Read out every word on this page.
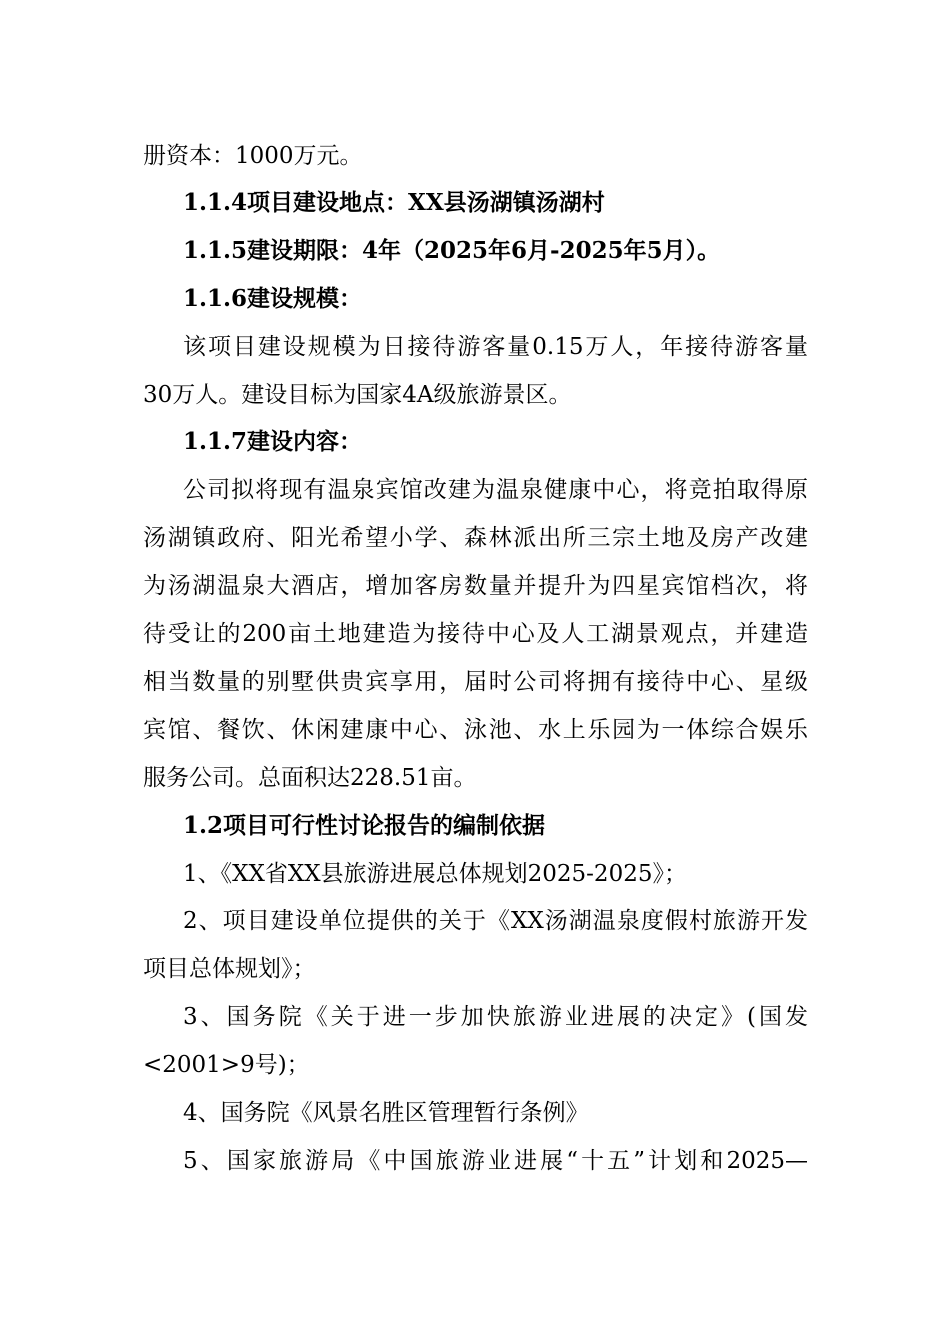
册资本：1000万元。
1.1.4项目建设地点：XX县汤湖镇汤湖村
1.1.5建设期限：4年（2025年6月-2025年5月）。
1.1.6建设规模：
该项目建设规模为日接待游客量0.15万人，年接待游客量
30万人。建设目标为国家4A级旅游景区。
1.1.7建设内容：
公司拟将现有温泉宾馆改建为温泉健康中心，将竞拍取得原
汤湖镇政府、阳光希望小学、森林派出所三宗土地及房产改建
为汤湖温泉大酒店，增加客房数量并提升为四星宾馆档次，将
待受让的200亩土地建造为接待中心及人工湖景观点，并建造
相当数量的别墅供贵宾享用，届时公司将拥有接待中心、星级
宾馆、餐饮、休闲建康中心、泳池、水上乐园为一体综合娱乐
服务公司。总面积达228.51亩。
1.2项目可行性讨论报告的编制依据
1、《XX省XX县旅游进展总体规划2025-2025》；
2、项目建设单位提供的关于《XX汤湖温泉度假村旅游开发
项目总体规划》；
3、国务院《关于进一步加快旅游业进展的决定》(国发
<2001>9号)；
4、国务院《风景名胜区管理暂行条例》
5、国家旅游局《中国旅游业进展“十五”计划和2025—
